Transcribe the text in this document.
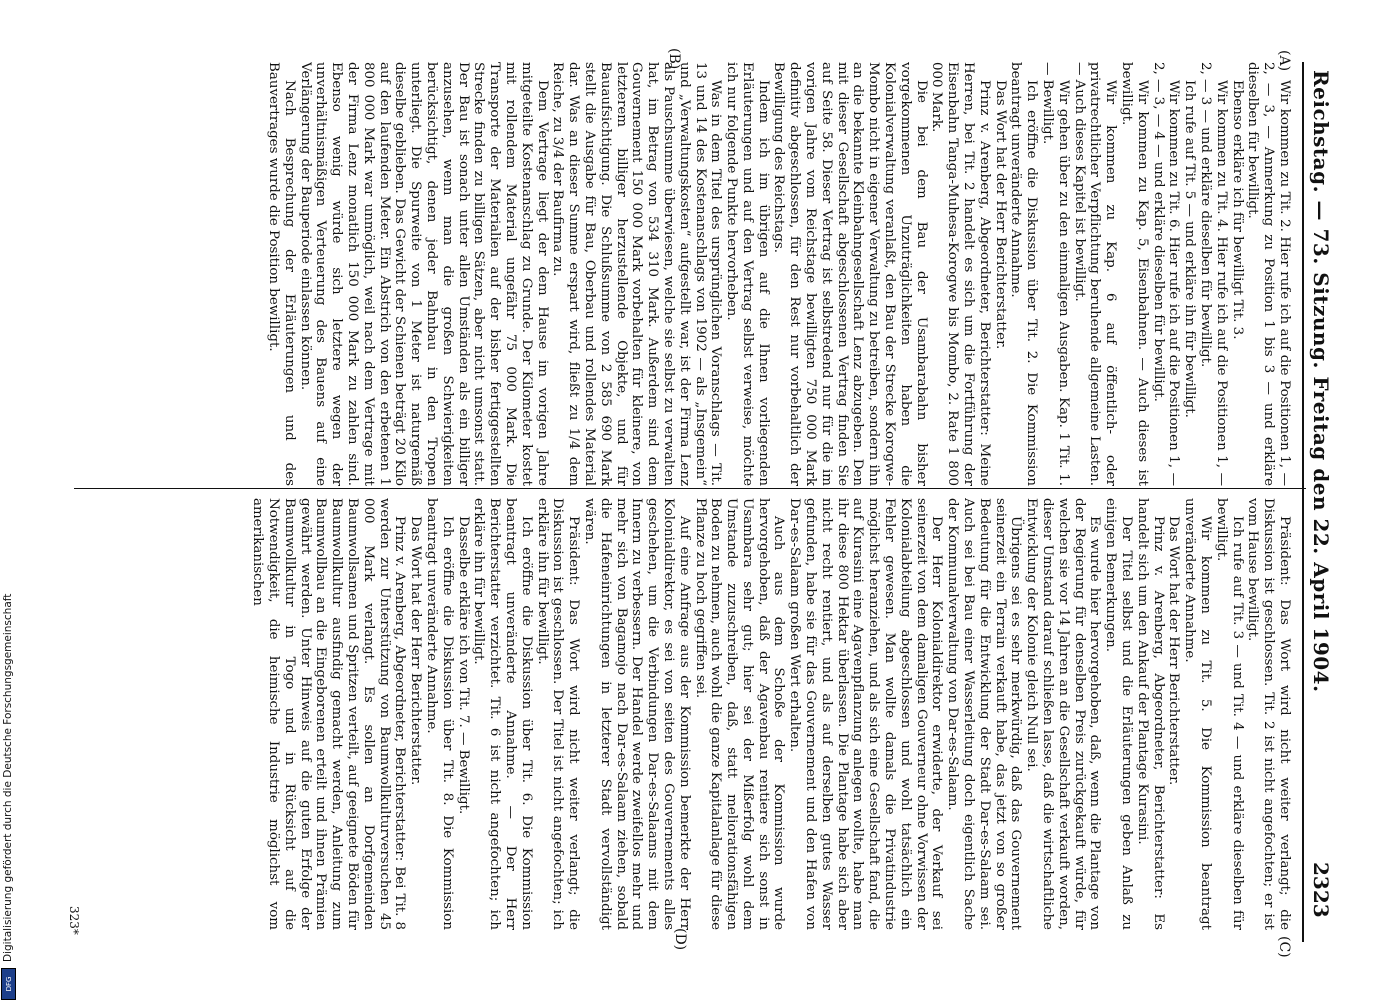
Reichstag. — 73. Sitzung. Freitag den 22. April 1904.
2323
(A)
(B)
(C)
(D)

Wir kommen zu Tit. 2. Hier rufe ich auf die Positionen 1, — 2, — 3, — Anmerkung zu Position 1 bis 3 — und erkläre dieselben für bewilligt.

Ebenso erkläre ich für bewilligt Tit. 3.

Wir kommen zu Tit. 4. Hier rufe ich auf die Positionen 1, — 2, — 3 — und erkläre dieselben für bewilligt.

Ich rufe auf Tit. 5 — und erkläre ihn für bewilligt.

Wir kommen zu Tit. 6. Hier rufe ich auf die Positionen 1, — 2, — 3, — 4 — und erkläre dieselben für bewilligt.

Wir kommen zu Kap. 5, Eisenbahnen. — Auch dieses ist bewilligt.

Wir kommen zu Kap. 6 auf öffentlich- oder privatrechtlicher Verpflichtung beruhende allgemeine Lasten. — Auch dieses Kapitel ist bewilligt.

Wir gehen über zu den einmaligen Ausgaben. Kap. 1 Tit. 1. — Bewilligt.

Ich eröffne die Diskussion über Tit. 2. Die Kommission beantragt unveränderte Annahme.

Das Wort hat der Herr Berichterstatter.

Prinz v. Arenberg, Abgeordneter, Berichterstatter: Meine Herren, bei Tit. 2 handelt es sich um die Fortführung der Eisenbahn Tanga-Muhesa-Korogwe bis Mombo, 2. Rate 1 800 000 Mark.

Die bei dem Bau der Usambarabahn bisher vorgekommenen Unzuträglichkeiten haben die Kolonialverwaltung veranlaßt, den Bau der Strecke Korogwe-Mombo nicht in eigener Verwaltung zu betreiben, sondern ihn an die bekannte Kleinbahngesellschaft Lenz abzugeben. Den mit dieser Gesellschaft abgeschlossenen Vertrag finden Sie auf Seite 58. Dieser Vertrag ist selbstredend nur für die im vorigen Jahre vom Reichstage bewilligten 750 000 Mark definitiv abgeschlossen, für den Rest nur vorbehaltlich der Bewilligung des Reichstags.

Indem ich im übrigen auf die Ihnen vorliegenden Erläuterungen und auf den Vertrag selbst verweise, möchte ich nur folgende Punkte hervorheben.

Was in dem Titel des ursprünglichen Voranschlags — Tit. 13 und 14 des Kostenanschlags von 1902 — als „Insgemein“ und „Verwaltungskosten“ aufgestellt war, ist der Firma Lenz als Pauschsumme überwiesen, welche sie selbst zu verwalten hat, im Betrag von 534 310 Mark. Außerdem sind dem Gouvernement 150 000 Mark vorbehalten für kleinere, von letzterem billiger herzustellende Objekte, und für Bauaufsichtigung. Die Schlußsumme von 2 585 690 Mark stellt die Ausgabe für Bau, Oberbau und rollendes Material dar. Was an dieser Summe erspart wird, fließt zu 1/4 dem Reiche, zu 3/4 der Baufirma zu.

Dem Vertrage liegt der dem Hause im vorigen Jahre mitgeteilte Kostenanschlag zu Grunde. Der Kilometer kostet mit rollendem Material ungefähr 75 000 Mark. Die Transporte der Materialien auf der bisher fertiggestellten Strecke finden zu billigen Sätzen, aber nicht umsonst statt. Der Bau ist sonach unter allen Umständen als ein billiger anzusehen, wenn man die großen Schwierigkeiten berücksichtigt, denen jeder Bahnbau in den Tropen unterliegt. Die Spurweite von 1 Meter ist naturgemäß dieselbe geblieben. Das Gewicht der Schienen beträgt 20 Kilo auf den laufenden Meter. Ein Abstrich von den erbetenen 1 800 000 Mark war unmöglich, weil nach dem Vertrage mit der Firma Lenz monatlich 150 000 Mark zu zahlen sind. Ebenso wenig würde sich letztere wegen der unverhältnismäßigen Verteuerung des Bauens auf eine Verlängerung der Bauperiode einlassen können.

Nach Besprechung der Erläuterungen und des Bauvertrages wurde die Position bewilligt.

Präsident: Das Wort wird nicht weiter verlangt; die Diskussion ist geschlossen. Tit. 2 ist nicht angefochten; er ist vom Hause bewilligt.

Ich rufe auf Tit. 3 — und Tit. 4 — und erkläre dieselben für bewilligt.

Wir kommen zu Tit. 5. Die Kommission beantragt unveränderte Annahme.

Das Wort hat der Herr Berichterstatter.

Prinz v. Arenberg, Abgeordneter, Berichterstatter: Es handelt sich um den Ankauf der Plantage Kurasini.

Der Titel selbst und die Erläuterungen geben Anlaß zu einigen Bemerkungen.

Es wurde hier hervorgehoben, daß, wenn die Plantage von der Regierung für denselben Preis zurückgekauft würde, für welchen sie vor 14 Jahren an die Gesellschaft verkauft worden, dieser Umstand darauf schließen lasse, daß die wirtschaftliche Entwicklung der Kolonie gleich Null sei.

Übrigens sei es sehr merkwürdig, daß das Gouvernement seinerzeit ein Terrain verkauft habe, das jetzt von so großer Bedeutung für die Entwicklung der Stadt Dar-es-Salaam sei. Auch sei bei Bau einer Wasserleitung doch eigentlich Sache der Kommunalverwaltung von Dar-es-Salaam.

Der Herr Kolonialdirektor erwiderte, der Verkauf sei seinerzeit von dem damaligen Gouverneur ohne Vorwissen der Kolonialabteilung abgeschlossen und wohl tatsächlich ein Fehler gewesen. Man wollte damals die Privatindustrie möglichst heranziehen, und als sich eine Gesellschaft fand, die auf Kurasini eine Agavenpflanzung anlegen wollte, habe man ihr diese 800 Hektar überlassen. Die Plantage habe sich aber nicht recht rentiert, und als auf derselben gutes Wasser gefunden, habe sie für das Gouvernement und den Hafen von Dar-es-Salaam großen Wert erhalten.

Auch aus dem Schoße der Kommission wurde hervorgehoben, daß der Agavenbau rentiere sich sonst in Usambara sehr gut; hier sei der Mißerfolg wohl dem Umstande zuzuschreiben, daß, statt meliorationsfähigen Boden zu nehmen, auch wohl die ganze Kapitalanlage für diese Pflanze zu hoch gegriffen sei.

Auf eine Anfrage aus der Kommission bemerkte der Herr Kolonialdirektor, es sei von seiten des Gouvernements alles geschehen, um die Verbindungen Dar-es-Salaams mit dem Innern zu verbessern. Der Handel werde zweifellos mehr und mehr sich von Bagamojo nach Dar-es-Salaam ziehen, sobald die Hafeneinrichtungen in letzterer Stadt vervollständigt wären.

Präsident: Das Wort wird nicht weiter verlangt; die Diskussion ist geschlossen. Der Titel ist nicht angefochten; ich erkläre ihn für bewilligt.

Ich eröffne die Diskussion über Tit. 6. Die Kommission beantragt unveränderte Annahme. — Der Herr Berichterstatter verzichtet. Tit. 6 ist nicht angefochten; ich erkläre ihn für bewilligt.

Dasselbe erkläre ich von Tit. 7. — Bewilligt.

Ich eröffne die Diskussion über Tit. 8. Die Kommission beantragt unveränderte Annahme.

Das Wort hat der Herr Berichterstatter.

Prinz v. Arenberg, Abgeordneter, Berichterstatter: Bei Tit. 8 werden zur Unterstützung von Baumwollkulturversuchen 45 000 Mark verlangt. Es sollen an Dorfgemeinden Baumwollsamen und Spritzen verteilt, auf geeignete Böden für Baumwollkultur ausfindig gemacht werden, Anleitung zum Baumwollbau an die Eingeborenen erteilt und ihnen Prämien gewährt werden. Unter Hinweis auf die guten Erfolge der Baumwollkultur in Togo und in Rücksicht auf die Notwendigkeit, die heimische Industrie möglichst vom amerikanischen

323*
Digitalisierung gefördert durch die Deutsche Forschungsgemeinschaft
DFG
